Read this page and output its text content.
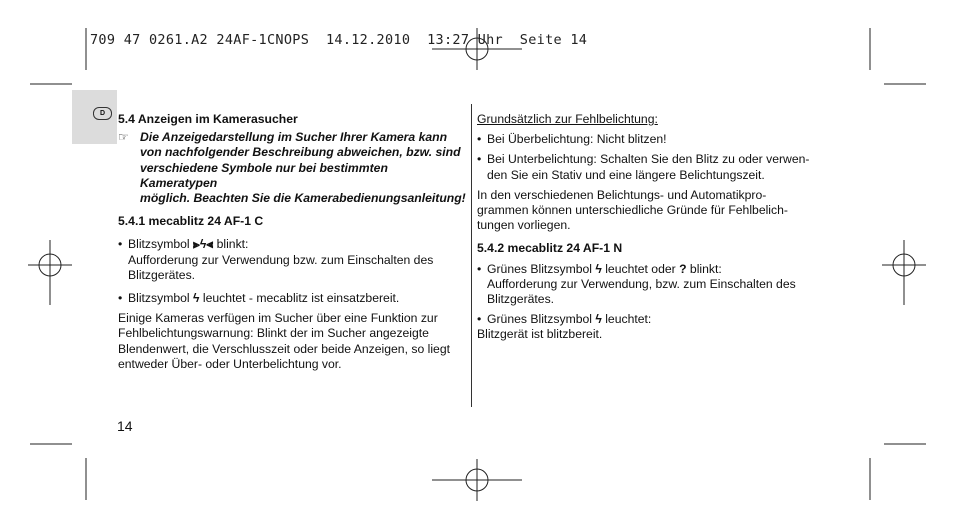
709 47 0261.A2 24AF-1CNOPS  14.12.2010  13:27 Uhr  Seite 14
D	5.4 Anzeigen im Kamerasucher
☞ Die Anzeigedarstellung im Sucher Ihrer Kamera kann

von nachfolgender Beschreibung abweichen, bzw. sind

verschiedene Symbole nur bei bestimmten Kameratypen

möglich. Beachten Sie die Kamerabedienungsanleitung!

5.4.1 mecablitz 24 AF-1 C
• Blitzsymbol ⫸ϟ⫷ blinkt:

Aufforderung zur Verwendung bzw. zum Einschalten des

Blitzgerätes.

• Blitzsymbol ϟ leuchtet - mecablitz ist einsatzbereit.

Einige Kameras verfügen im Sucher über eine Funktion zur

Fehlbelichtungswarnung: Blinkt der im Sucher angezeigte

Blendenwert, die Verschlusszeit oder beide Anzeigen, so liegt

entweder Über- oder Unterbelichtung vor.

Grundsätzlich zur Fehlbelichtung:

• Bei Überbelichtung: Nicht blitzen!
• Bei Unterbelichtung: Schalten Sie den Blitz zu oder verwen-

den Sie ein Stativ und eine längere Belichtungszeit.

In den verschiedenen Belichtungs- und Automatikpro-

grammen können unterschiedliche Gründe für Fehlbelich-

tungen vorliegen.

5.4.2 mecablitz 24 AF-1 N
• Grünes Blitzsymbol ϟ leuchtet oder ? blinkt:

Aufforderung zur Verwendung, bzw. zum Einschalten des

Blitzgerätes.

• Grünes Blitzsymbol ϟ leuchtet:

Blitzgerät ist blitzbereit.

14
